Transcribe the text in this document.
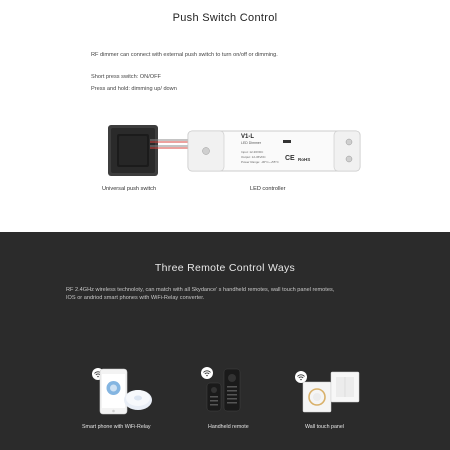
Push Switch Control
RF dimmer can connect with external push switch to turn on/off or dimming.
Short press switch: ON/OFF
Press and hold: dimming up/ down
V1-L
LED Dimmer
Input: 12-36VDC
Output: 12-36VDC
Power Range: -30°C~+55°C CE RoHS
Universal push switch	LED controller
Three Remote Control Ways
RF 2.4GHz wireless technoloty, can match with all Skydance’ s handheld remotes, wall touch panel remotes,
IOS or andriod smart phones with WiFi-Relay converter.
Smart phone with WiFi-Relay	Handheld remote	Wall touch panel
